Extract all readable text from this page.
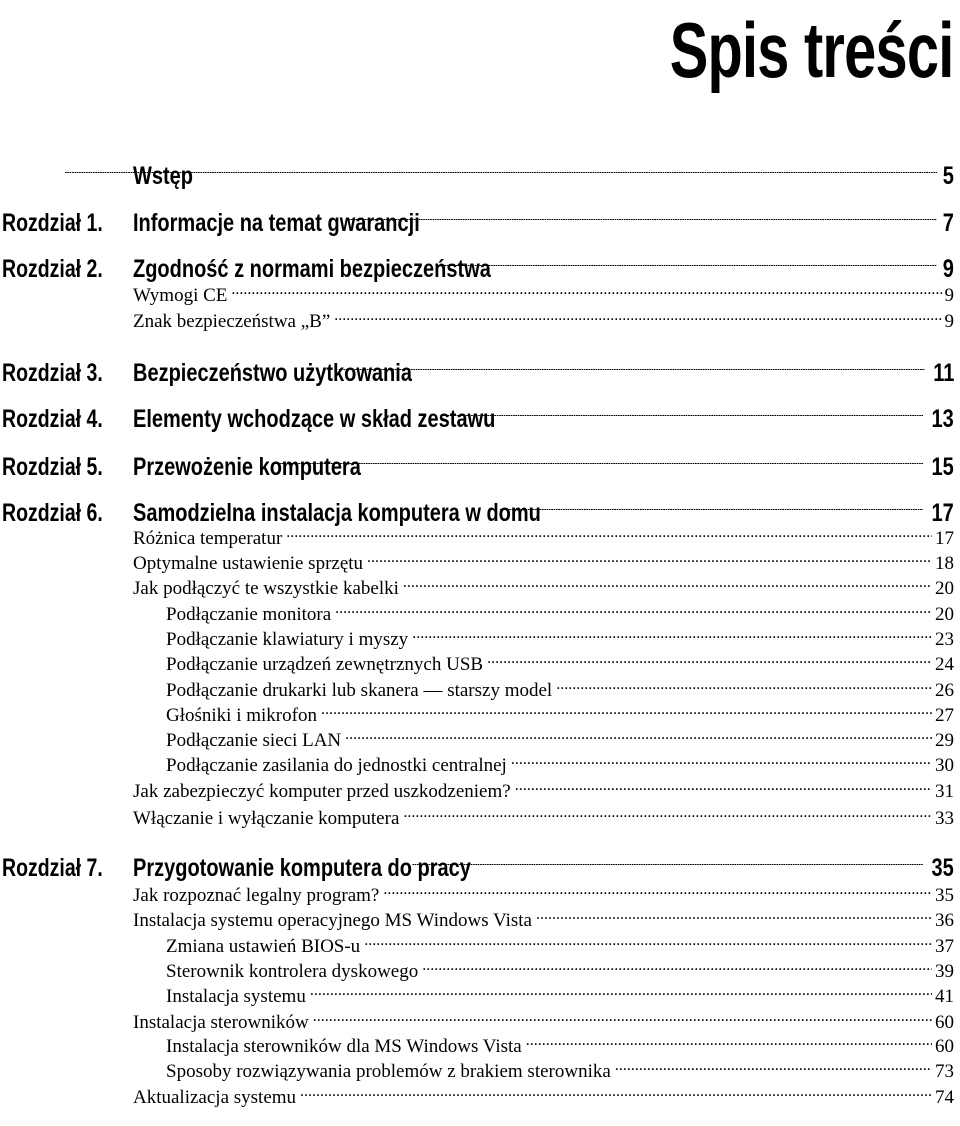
Spis treści
Wstęp .....	5
Rozdział 1. Informacje na temat gwarancji .....	7
Rozdział 2. Zgodność z normami bezpieczeństwa .....	9
Wymogi CE .....	9
Znak bezpieczeństwa „B” .....	9
Rozdział 3. Bezpieczeństwo użytkowania .....	11
Rozdział 4. Elementy wchodzące w skład zestawu .....	13
Rozdział 5. Przewożenie komputera .....	15
Rozdział 6. Samodzielna instalacja komputera w domu .....	17
Różnica temperatur .....	17
Optymalne ustawienie sprzętu .....	18
Jak podłączyć te wszystkie kabelki .....	20
Podłączanie monitora .....	20
Podłączanie klawiatury i myszy .....	23
Podłączanie urządzeń zewnętrznych USB .....	24
Podłączanie drukarki lub skanera — starszy model .....	26
Głośniki i mikrofon .....	27
Podłączanie sieci LAN .....	29
Podłączanie zasilania do jednostki centralnej .....	30
Jak zabezpieczyć komputer przed uszkodzeniem? .....	31
Włączanie i wyłączanie komputera .....	33
Rozdział 7. Przygotowanie komputera do pracy .....	35
Jak rozpoznać legalny program? .....	35
Instalacja systemu operacyjnego MS Windows Vista .....	36
Zmiana ustawień BIOS-u .....	37
Sterownik kontrolera dyskowego .....	39
Instalacja systemu .....	41
Instalacja sterowników .....	60
Instalacja sterowników dla MS Windows Vista .....	60
Sposoby rozwiązywania problemów z brakiem sterownika .....	73
Aktualizacja systemu .....	74
